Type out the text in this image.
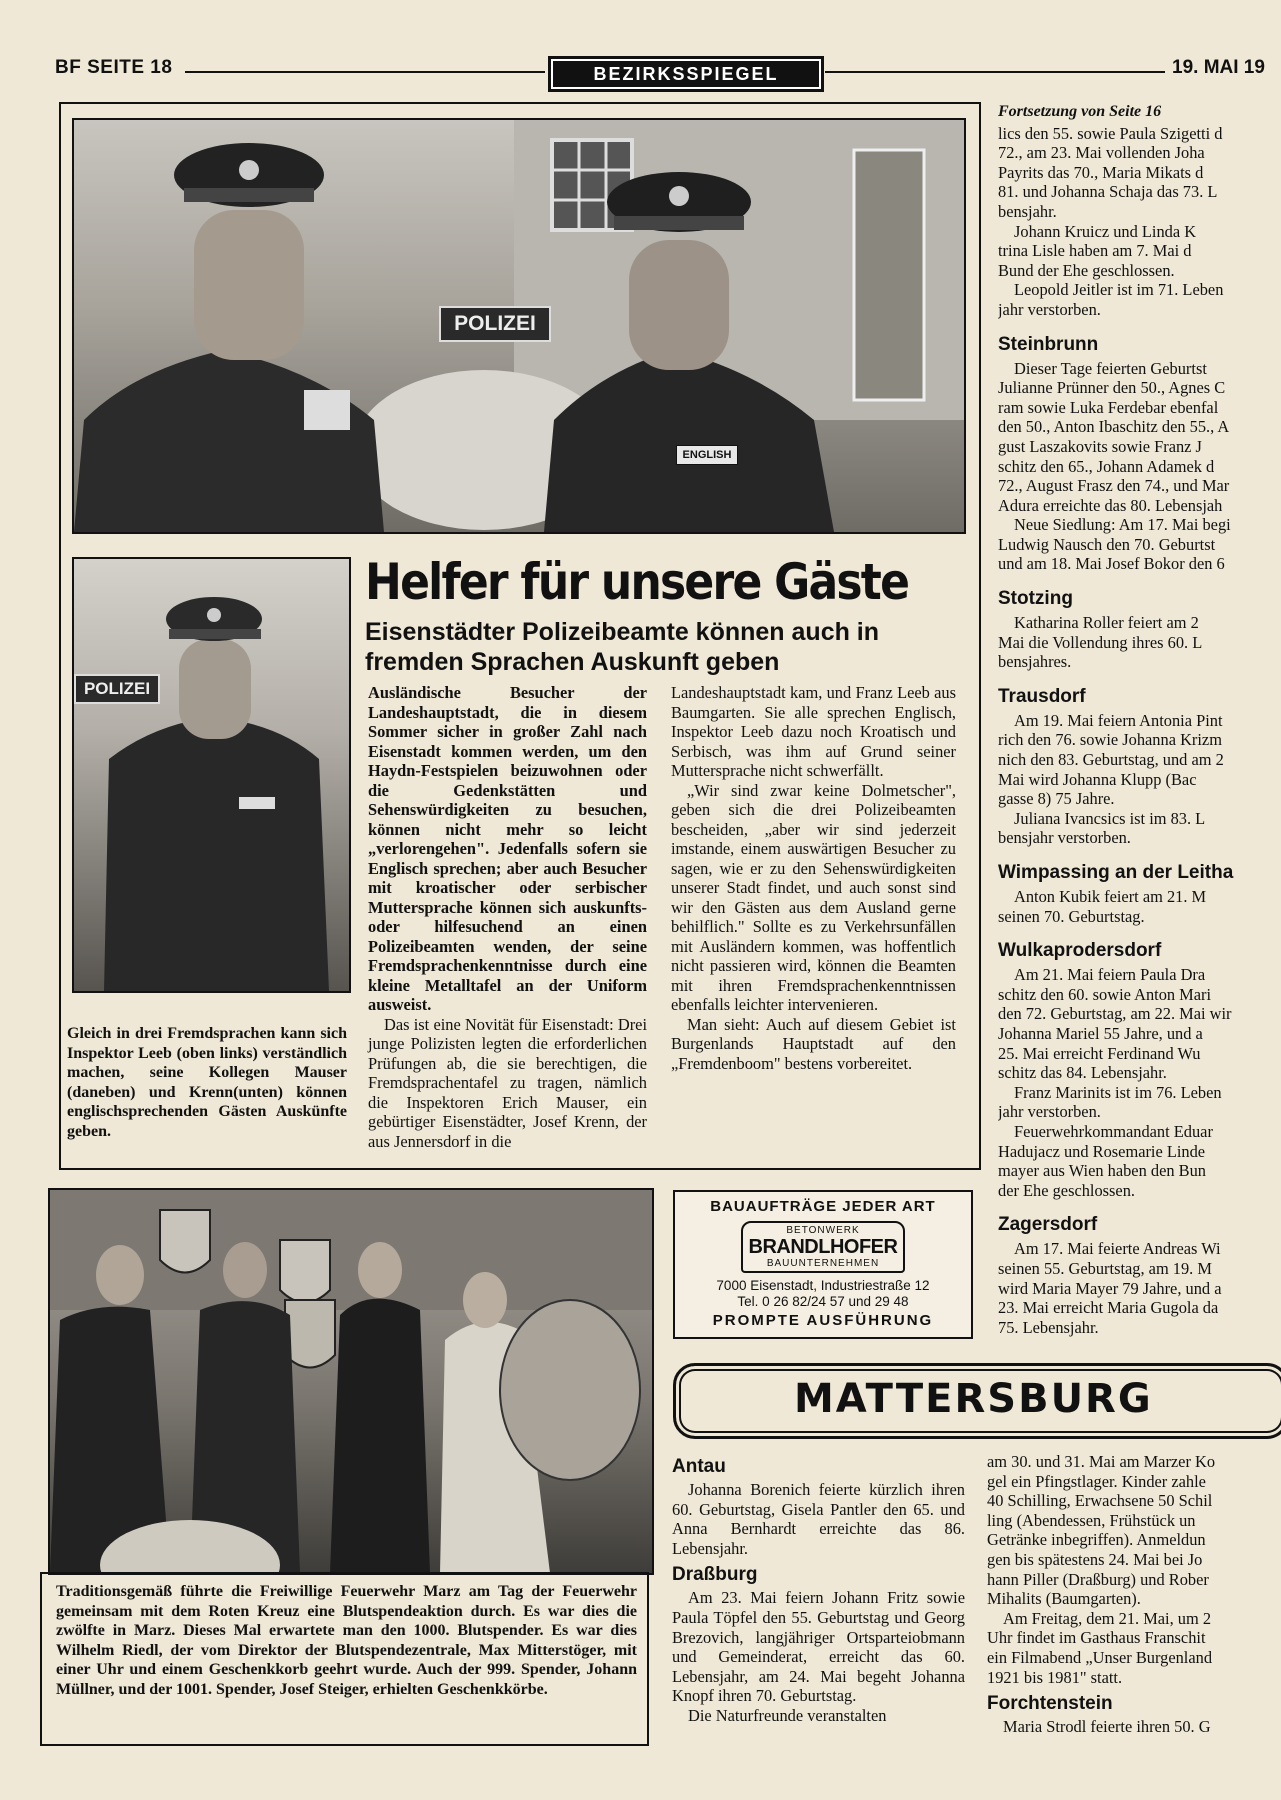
BF SEITE 18	BEZIRKSSPIEGEL	19. MAI 19
POLIZEI
ENGLISH
POLIZEI
Helfer für unsere Gäste
Eisenstädter Polizeibeamte können auch in fremden Sprachen Auskunft geben

Ausländische Besucher der Landeshauptstadt, die in diesem Sommer sicher in großer Zahl nach Eisenstadt kommen werden, um den Haydn-Festspielen beizuwohnen oder die Gedenkstätten und Sehenswürdigkeiten zu besuchen, können nicht mehr so leicht „verlorengehen". Jedenfalls sofern sie Englisch sprechen; aber auch Besucher mit kroatischer oder serbischer Muttersprache können sich auskunfts- oder hilfesuchend an einen Polizeibeamten wenden, der seine Fremdsprachenkenntnisse durch eine kleine Metalltafel an der Uniform ausweist.

Das ist eine Novität für Eisenstadt: Drei junge Polizisten legten die erforderlichen Prüfungen ab, die sie berechtigen, die Fremdsprachentafel zu tragen, nämlich die Inspektoren Erich Mauser, ein gebürtiger Eisenstädter, Josef Krenn, der aus Jennersdorf in die

Landeshauptstadt kam, und Franz Leeb aus Baumgarten. Sie alle sprechen Englisch, Inspektor Leeb dazu noch Kroatisch und Serbisch, was ihm auf Grund seiner Muttersprache nicht schwerfällt.

„Wir sind zwar keine Dolmetscher", geben sich die drei Polizeibeamten bescheiden, „aber wir sind jederzeit imstande, einem auswärtigen Besucher zu sagen, wie er zu den Sehenswürdigkeiten unserer Stadt findet, und auch sonst sind wir den Gästen aus dem Ausland gerne behilflich." Sollte es zu Verkehrsunfällen mit Ausländern kommen, was hoffentlich nicht passieren wird, können die Beamten mit ihren Fremdsprachenkenntnissen ebenfalls leichter intervenieren.

Man sieht: Auch auf diesem Gebiet ist Burgenlands Hauptstadt auf den „Fremdenboom" bestens vorbereitet.

Gleich in drei Fremdsprachen kann sich Inspektor Leeb (oben links) verständlich machen, seine Kollegen Mauser (daneben) und Krenn(unten) können englischsprechenden Gästen Auskünfte geben.
Traditionsgemäß führte die Freiwillige Feuerwehr Marz am Tag der Feuerwehr gemeinsam mit dem Roten Kreuz eine Blutspendeaktion durch. Es war dies die zwölfte in Marz. Dieses Mal erwartete man den 1000. Blutspender. Es war dies Wilhelm Riedl, der vom Direktor der Blutspendezentrale, Max Mitterstöger, mit einer Uhr und einem Geschenkkorb geehrt wurde. Auch der 999. Spender, Johann Müllner, und der 1001. Spender, Josef Steiger, erhielten Geschenkkörbe.
BAUAUFTRÄGE JEDER ART
BETONWERK
BRANDLHOFER
BAUUNTERNEHMEN
7000 Eisenstadt, Industriestraße 12
Tel. 0 26 82/24 57 und 29 48
PROMPTE AUSFÜHRUNG
Fortsetzung von Seite 16

lics den 55. sowie Paula Szigetti d

72., am 23. Mai vollenden Joha

Payrits das 70., Maria Mikats d

81. und Johanna Schaja das 73. L

bensjahr.

Johann Kruicz und Linda K

trina Lisle haben am 7. Mai d

Bund der Ehe geschlossen.

Leopold Jeitler ist im 71. Leben

jahr verstorben.

Steinbrunn

Dieser Tage feierten Geburtst

Julianne Prünner den 50., Agnes C

ram sowie Luka Ferdebar ebenfal

den 50., Anton Ibaschitz den 55., A

gust Laszakovits sowie Franz J

schitz den 65., Johann Adamek d

72., August Frasz den 74., und Mar

Adura erreichte das 80. Lebensjah

Neue Siedlung: Am 17. Mai begi

Ludwig Nausch den 70. Geburtst

und am 18. Mai Josef Bokor den 6

Stotzing

Katharina Roller feiert am 2

Mai die Vollendung ihres 60. L

bensjahres.

Trausdorf

Am 19. Mai feiern Antonia Pint

rich den 76. sowie Johanna Krizm

nich den 83. Geburtstag, und am 2

Mai wird Johanna Klupp (Bac

gasse 8) 75 Jahre.

Juliana Ivancsics ist im 83. L

bensjahr verstorben.

Wimpassing an der Leitha

Anton Kubik feiert am 21. M

seinen 70. Geburtstag.

Wulkaprodersdorf

Am 21. Mai feiern Paula Dra

schitz den 60. sowie Anton Mari

den 72. Geburtstag, am 22. Mai wir

Johanna Mariel 55 Jahre, und a

25. Mai erreicht Ferdinand Wu

schitz das 84. Lebensjahr.

Franz Marinits ist im 76. Leben

jahr verstorben.

Feuerwehrkommandant Eduar

Hadujacz und Rosemarie Linde

mayer aus Wien haben den Bun

der Ehe geschlossen.

Zagersdorf

Am 17. Mai feierte Andreas Wi

seinen 55. Geburtstag, am 19. M

wird Maria Mayer 79 Jahre, und a

23. Mai erreicht Maria Gugola da

75. Lebensjahr.

MATTERSBURG
Antau

Johanna Borenich feierte kürzlich ihren 60. Geburtstag, Gisela Pantler den 65. und Anna Bernhardt erreichte das 86. Lebensjahr.

Draßburg

Am 23. Mai feiern Johann Fritz sowie Paula Töpfel den 55. Geburtstag und Georg Brezovich, langjähriger Ortsparteiobmann und Gemeinderat, erreicht das 60. Lebensjahr, am 24. Mai begeht Johanna Knopf ihren 70. Geburtstag.

Die Naturfreunde veranstalten

am 30. und 31. Mai am Marzer Ko

gel ein Pfingstlager. Kinder zahle

40 Schilling, Erwachsene 50 Schil

ling (Abendessen, Frühstück un

Getränke inbegriffen). Anmeldun

gen bis spätestens 24. Mai bei Jo

hann Piller (Draßburg) und Rober

Mihalits (Baumgarten).

Am Freitag, dem 21. Mai, um 2

Uhr findet im Gasthaus Franschit

ein Filmabend „Unser Burgenland

1921 bis 1981" statt.

Forchtenstein

Maria Strodl feierte ihren 50. G
